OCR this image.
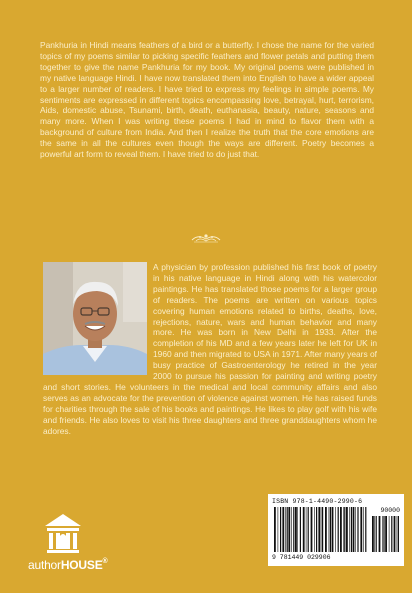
Pankhuria in Hindi means feathers of a bird or a butterfly. I chose the name for the varied topics of my poems similar to picking specific feathers and flower petals and putting them together to give the name Pankhuria for my book. My original poems were published in my native language Hindi. I have now translated them into English to have a wider appeal to a larger number of readers. I have tried to express my feelings in simple poems. My sentiments are expressed in different topics encompassing love, betrayal, hurt, terrorism, Aids, domestic abuse, Tsunami, birth, death, euthanasia, beauty, nature, seasons and many more. When I was writing these poems I had in mind to flavor them with a background of culture from India. And then I realize the truth that the core emotions are the same in all the cultures even though the ways are different. Poetry becomes a powerful art form to reveal them. I have tried to do just that.

A physician by profession published his first book of poetry in his native language in Hindi along with his watercolor paintings. He has translated those poems for a larger group of readers. The poems are written on various topics covering human emotions related to births, deaths, love, rejections, nature, wars and human behavior and many more. He was born in New Delhi in 1933. After the completion of his MD and a few years later he left for UK in 1960 and then migrated to USA in 1971. After many years of busy practice of Gastroenterology he retired in the year 2000 to pursue his passion for painting and writing poetry and short stories. He volunteers in the medical and local community affairs and also serves as an advocate for the prevention of violence against women. He has raised funds for charities through the sale of his books and paintings. He likes to play golf with his wife and friends. He also loves to visit his three daughters and three granddaughters whom he adores.

authorHOUSE®
ISBN 978-1-4490-2990-6
90000
9 781449 029906
